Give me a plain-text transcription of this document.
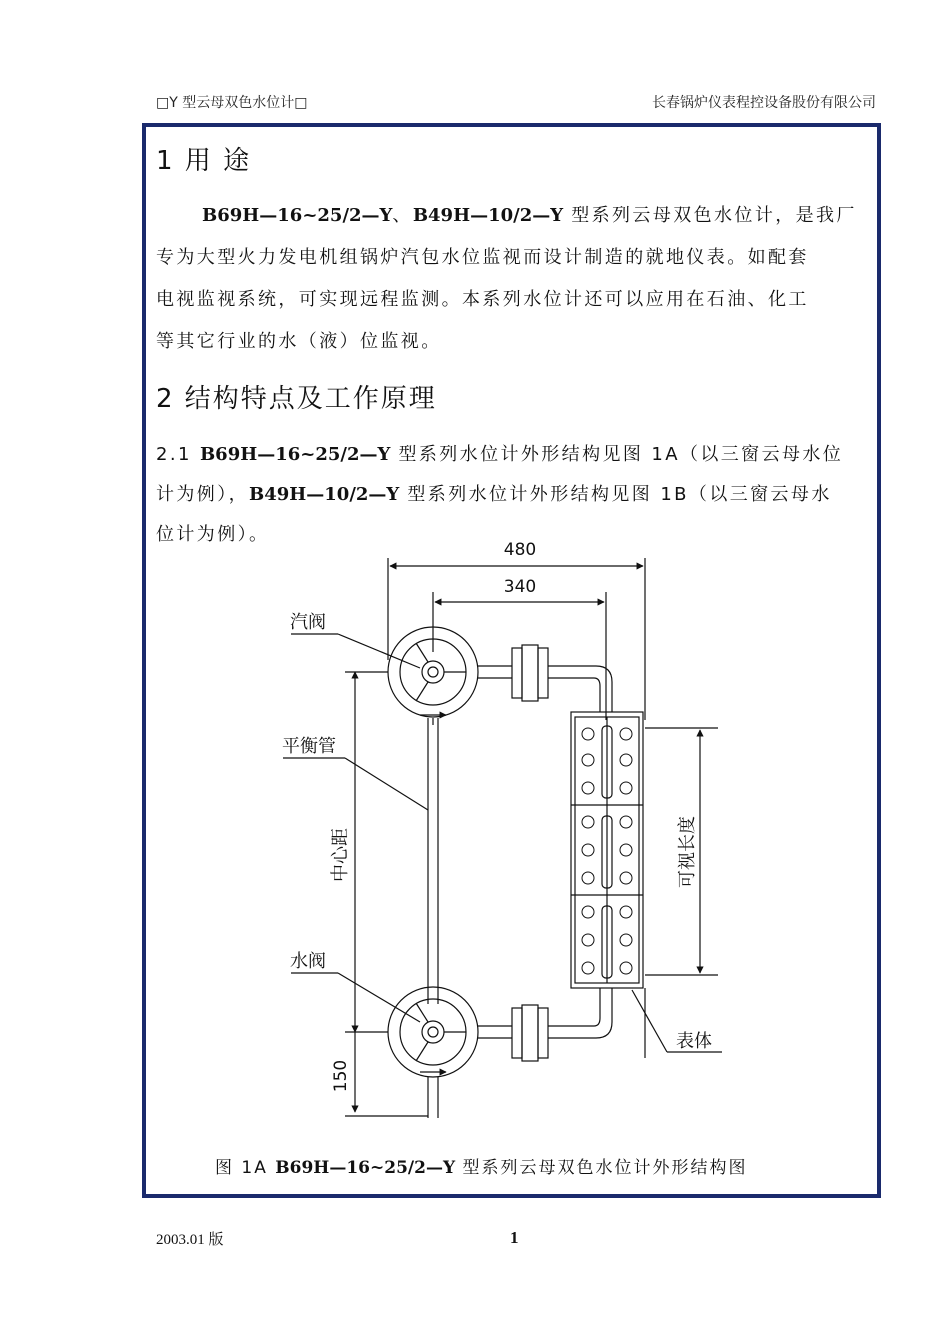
□Y 型云母双色水位计□	长春锅炉仪表程控设备股份有限公司
1 用 途
B69H—16~25/2—Y、B49H—10/2—Y 型系列云母双色水位计，是我厂
专为大型火力发电机组锅炉汽包水位监视而设计制造的就地仪表。如配套
电视监视系统，可实现远程监测。本系列水位计还可以应用在石油、化工
等其它行业的水（液）位监视。
2 结构特点及工作原理
2.1 B69H—16~25/2—Y 型系列水位计外形结构见图 1A（以三窗云母水位
计为例），B49H—10/2—Y 型系列水位计外形结构见图 1B（以三窗云母水
位计为例）。
480
340
汽阀
平衡管
中心距
水阀
150
可视长度
表体
图 1A B69H—16~25/2—Y 型系列云母双色水位计外形结构图
2003.01 版	1
